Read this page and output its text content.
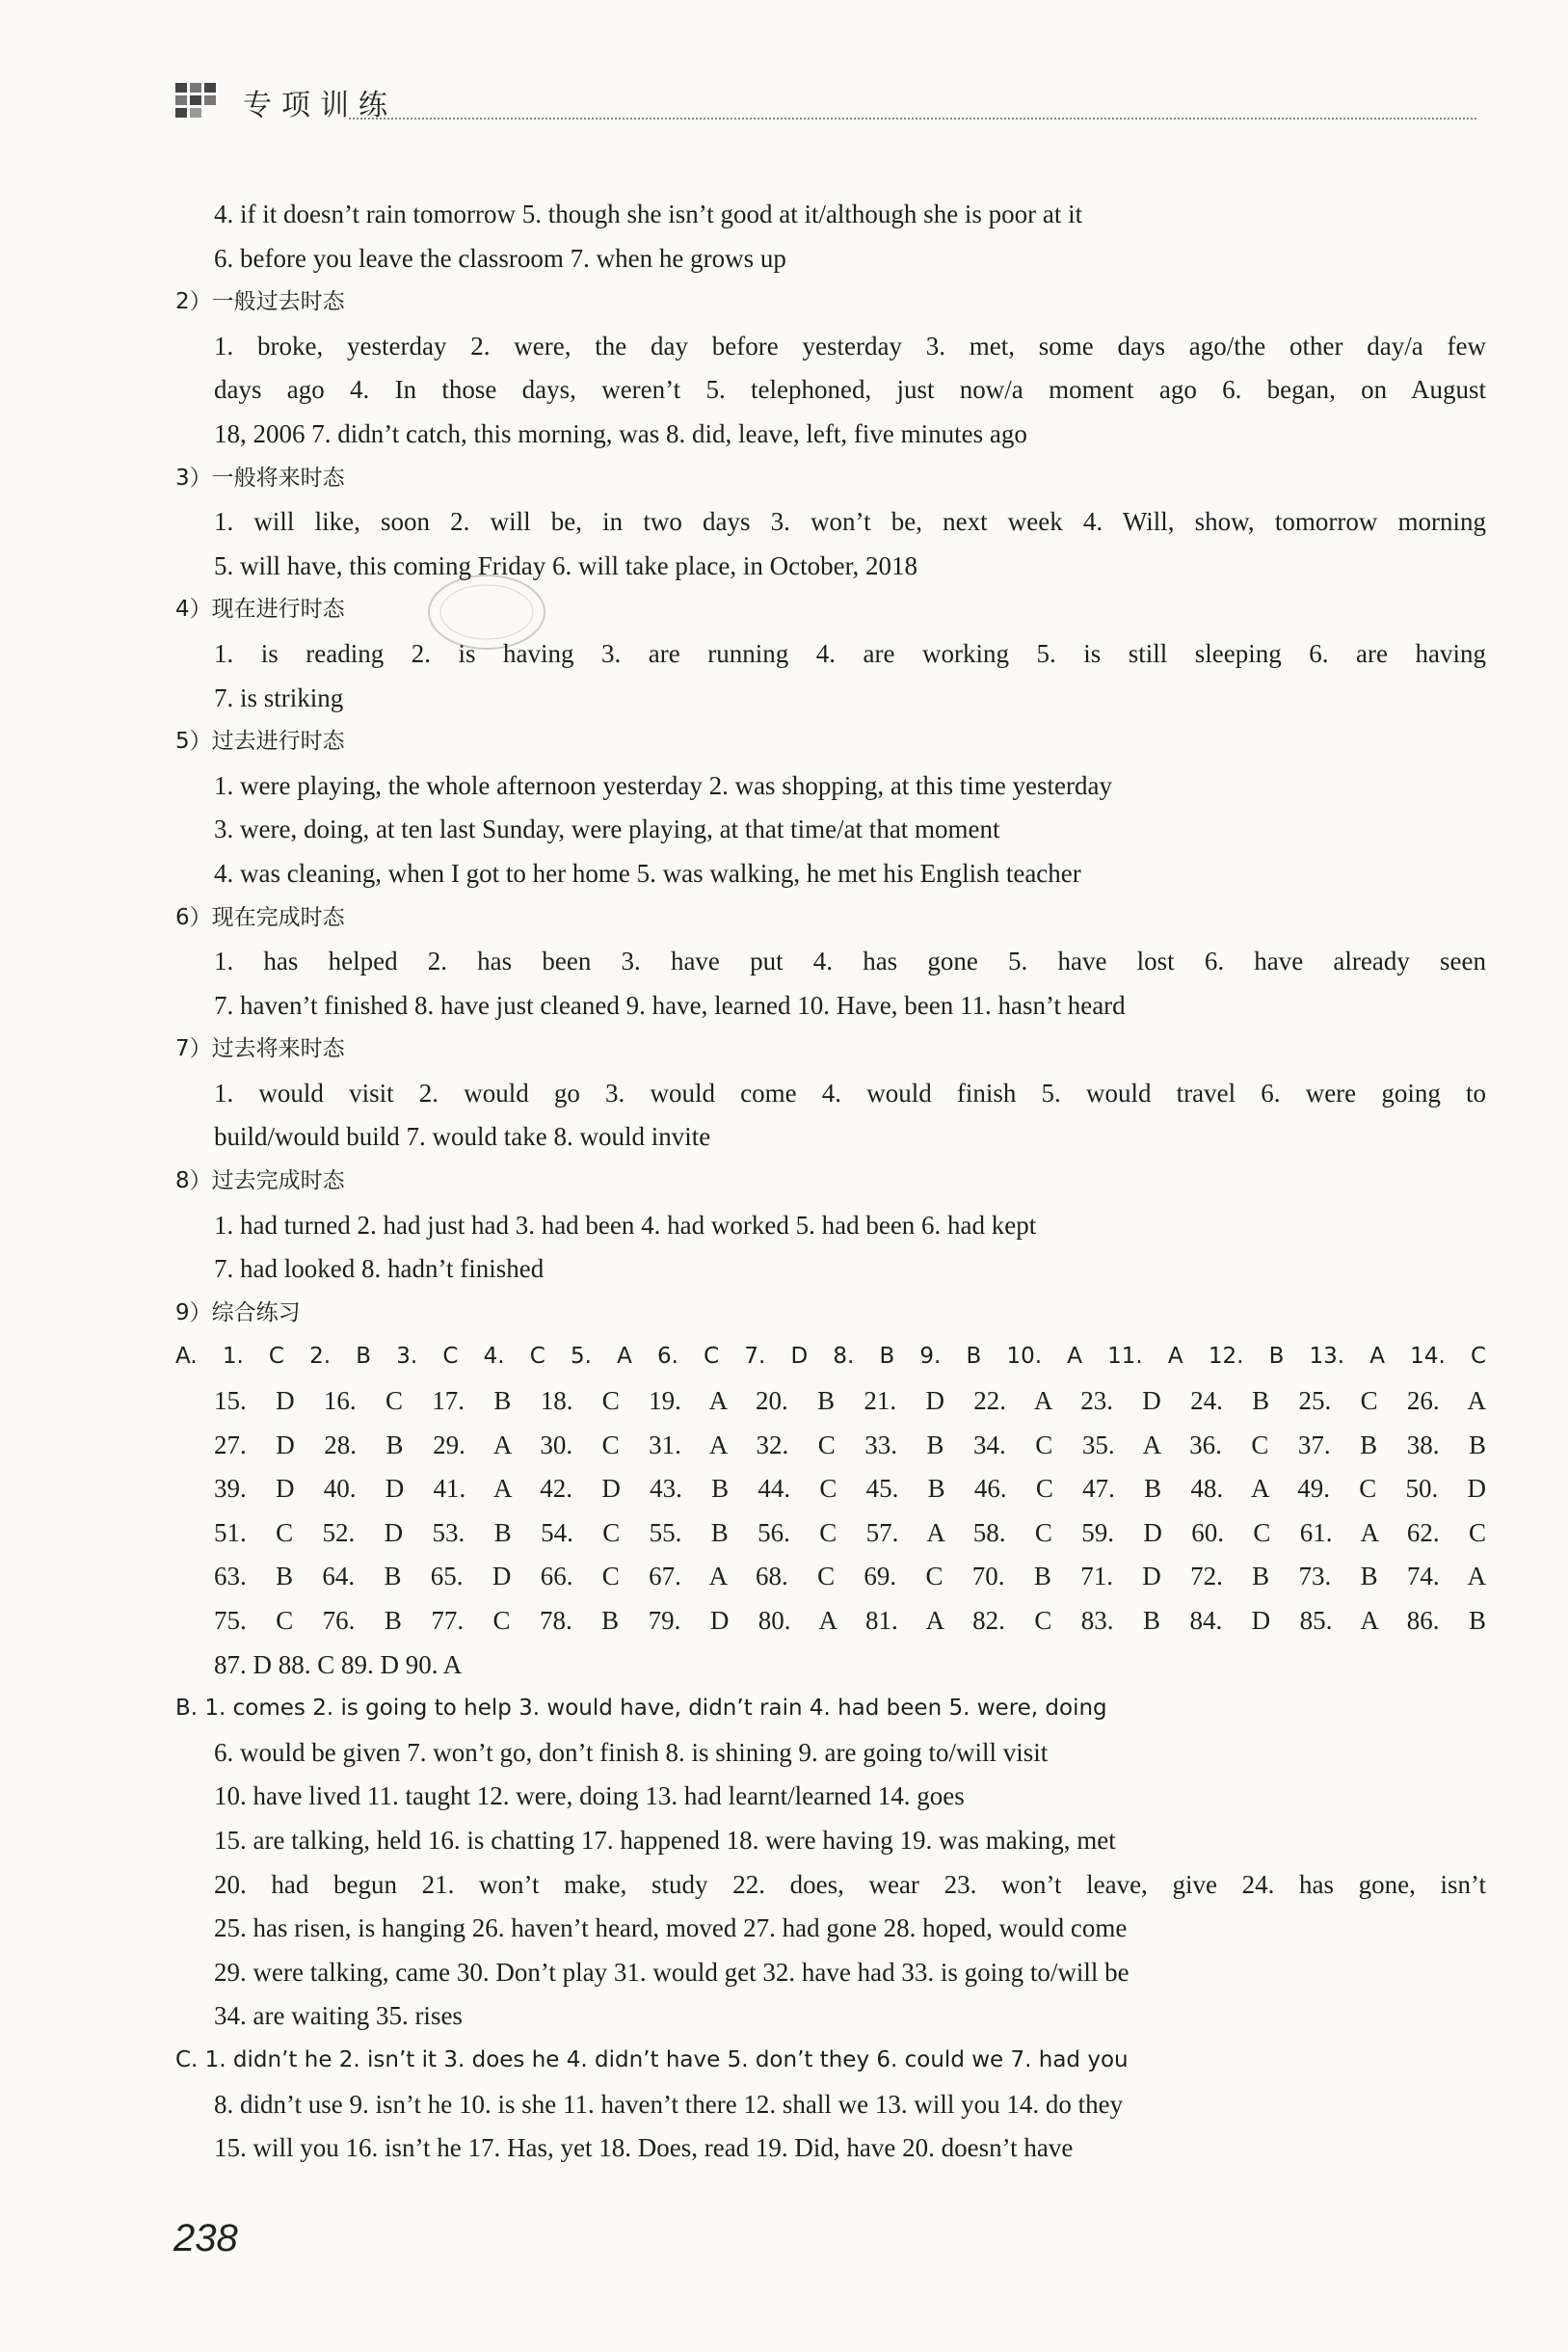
专项训练
4. if it doesn’t rain tomorrow 5. though she isn’t good at it/although she is poor at it
6. before you leave the classroom 7. when he grows up
2）一般过去时态
1. broke, yesterday 2. were, the day before yesterday 3. met, some days ago/the other day/a few
days ago 4. In those days, weren’t 5. telephoned, just now/a moment ago 6. began, on August
18, 2006 7. didn’t catch, this morning, was 8. did, leave, left, five minutes ago
3）一般将来时态
1. will like, soon 2. will be, in two days 3. won’t be, next week 4. Will, show, tomorrow morning
5. will have, this coming Friday 6. will take place, in October, 2018
4）现在进行时态
1. is reading 2. is having 3. are running 4. are working 5. is still sleeping 6. are having
7. is striking
5）过去进行时态
1. were playing, the whole afternoon yesterday 2. was shopping, at this time yesterday
3. were, doing, at ten last Sunday, were playing, at that time/at that moment
4. was cleaning, when I got to her home 5. was walking, he met his English teacher
6）现在完成时态
1. has helped 2. has been 3. have put 4. has gone 5. have lost 6. have already seen
7. haven’t finished 8. have just cleaned 9. have, learned 10. Have, been 11. hasn’t heard
7）过去将来时态
1. would visit 2. would go 3. would come 4. would finish 5. would travel 6. were going to
build/would build 7. would take 8. would invite
8）过去完成时态
1. had turned 2. had just had 3. had been 4. had worked 5. had been 6. had kept
7. had looked 8. hadn’t finished
9）综合练习
A. 1. C 2. B 3. C 4. C 5. A 6. C 7. D 8. B 9. B 10. A 11. A 12. B 13. A 14. C
15. D 16. C 17. B 18. C 19. A 20. B 21. D 22. A 23. D 24. B 25. C 26. A
27. D 28. B 29. A 30. C 31. A 32. C 33. B 34. C 35. A 36. C 37. B 38. B
39. D 40. D 41. A 42. D 43. B 44. C 45. B 46. C 47. B 48. A 49. C 50. D
51. C 52. D 53. B 54. C 55. B 56. C 57. A 58. C 59. D 60. C 61. A 62. C
63. B 64. B 65. D 66. C 67. A 68. C 69. C 70. B 71. D 72. B 73. B 74. A
75. C 76. B 77. C 78. B 79. D 80. A 81. A 82. C 83. B 84. D 85. A 86. B
87. D 88. C 89. D 90. A
B. 1. comes 2. is going to help 3. would have, didn’t rain 4. had been 5. were, doing
6. would be given 7. won’t go, don’t finish 8. is shining 9. are going to/will visit
10. have lived 11. taught 12. were, doing 13. had learnt/learned 14. goes
15. are talking, held 16. is chatting 17. happened 18. were having 19. was making, met
20. had begun 21. won’t make, study 22. does, wear 23. won’t leave, give 24. has gone, isn’t
25. has risen, is hanging 26. haven’t heard, moved 27. had gone 28. hoped, would come
29. were talking, came 30. Don’t play 31. would get 32. have had 33. is going to/will be
34. are waiting 35. rises
C. 1. didn’t he 2. isn’t it 3. does he 4. didn’t have 5. don’t they 6. could we 7. had you
8. didn’t use 9. isn’t he 10. is she 11. haven’t there 12. shall we 13. will you 14. do they
15. will you 16. isn’t he 17. Has, yet 18. Does, read 19. Did, have 20. doesn’t have
238
